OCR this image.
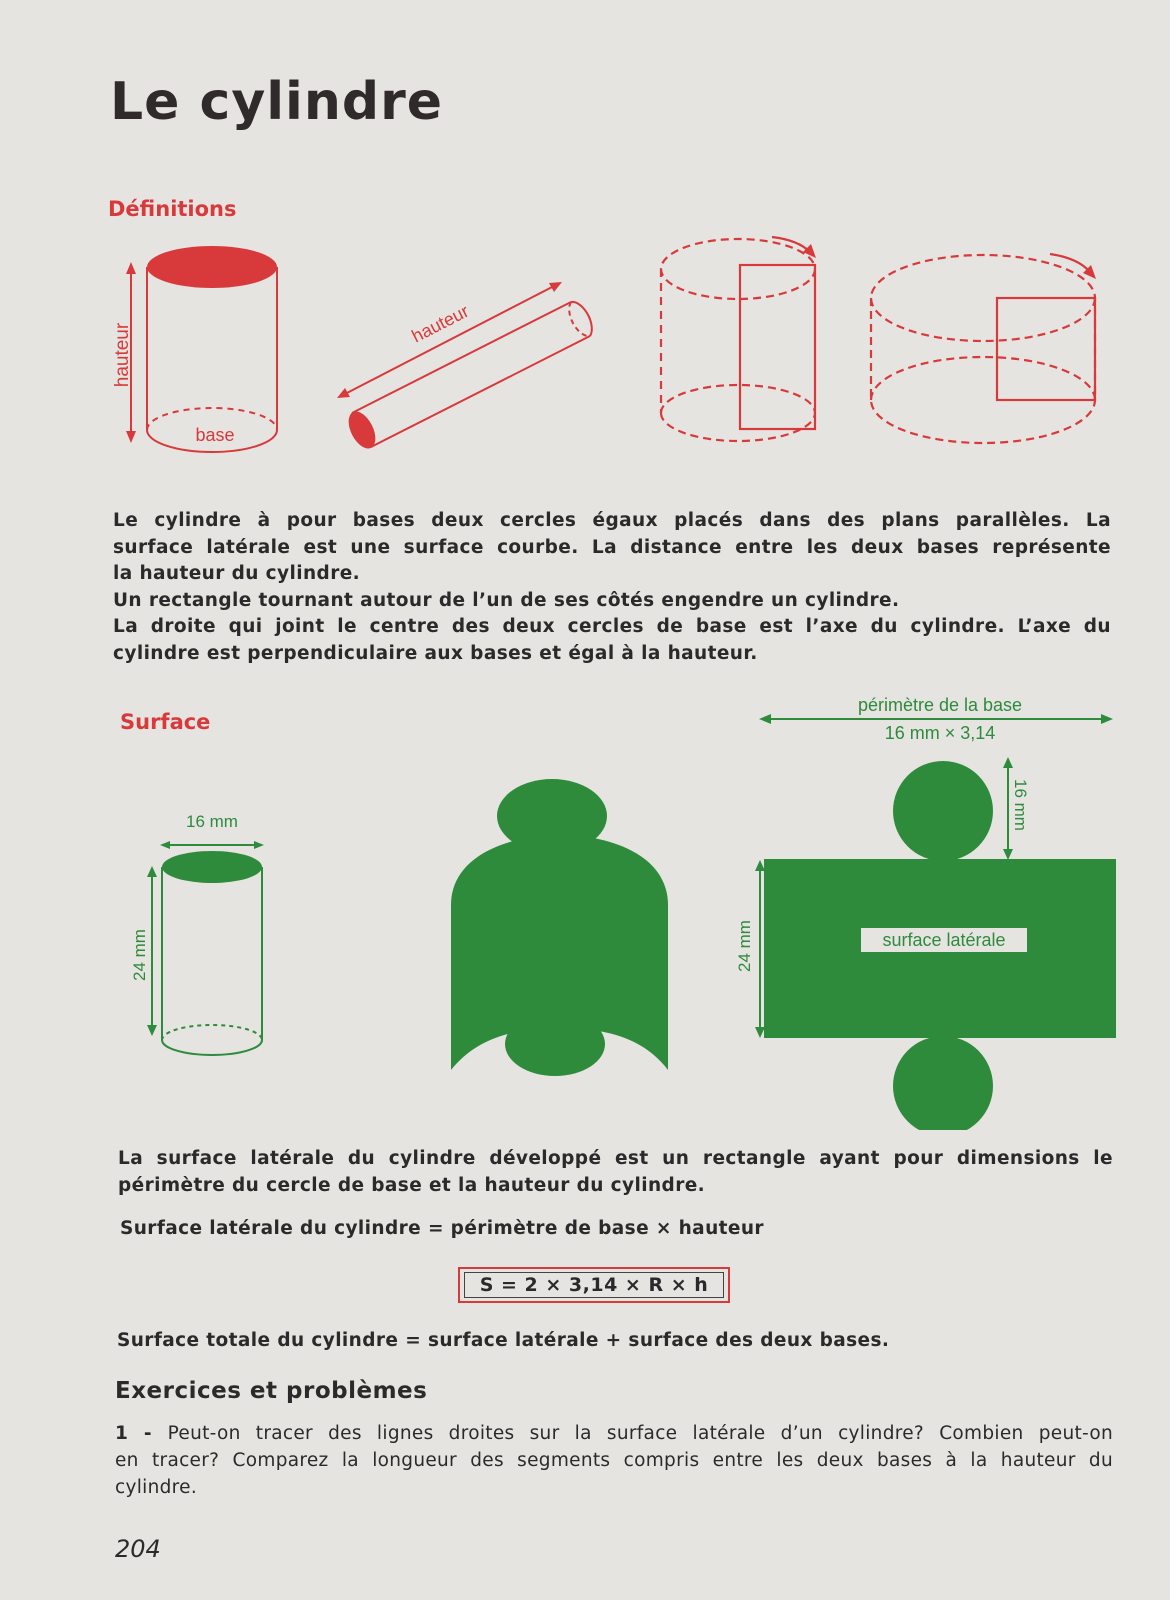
Le cylindre
Définitions
hauteur
base
hauteur

Le cylindre à pour bases deux cercles égaux placés dans des plans parallèles. La
surface latérale est une surface courbe. La distance entre les deux bases représente
la hauteur du cylindre.
Un rectangle tournant autour de l’un de ses côtés engendre un cylindre.
La droite qui joint le centre des deux cercles de base est l’axe du cylindre. L’axe du
cylindre est perpendiculaire aux bases et égal à la hauteur.

Surface
16 mm
24 mm
périmètre de la base
16 mm × 3,14
16 mm
24 mm	surface latérale

La surface latérale du cylindre développé est un rectangle ayant pour dimensions le
périmètre du cercle de base et la hauteur du cylindre.

Surface latérale du cylindre = périmètre de base × hauteur
S = 2 × 3,14 × R × h
Surface totale du cylindre = surface latérale + surface des deux bases.
Exercices et problèmes

1 - Peut-on tracer des lignes droites sur la surface latérale d’un cylindre? Combien peut-on
en tracer? Comparez la longueur des segments compris entre les deux bases à la hauteur du
cylindre.

204
